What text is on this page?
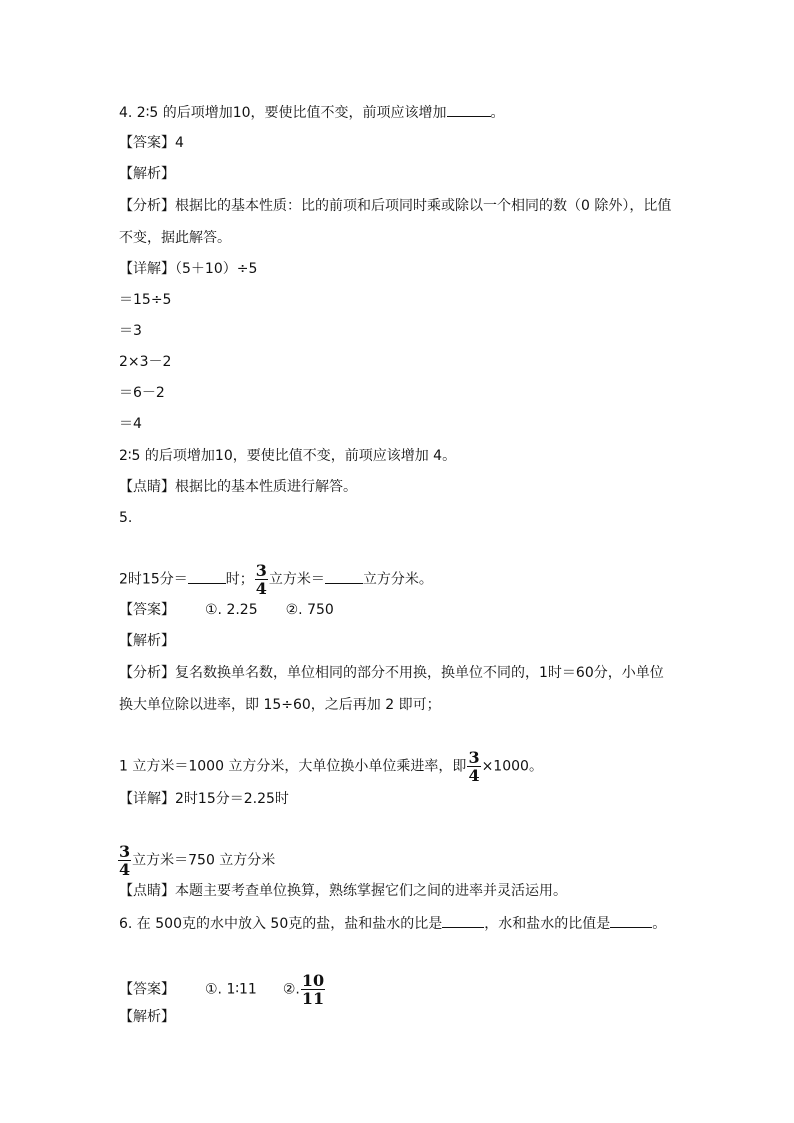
4. 2∶5 的后项增加10，要使比值不变，前项应该增加	。
【答案】4
【解析】
【分析】根据比的基本性质：比的前项和后项同时乘或除以一个相同的数（0 除外），比值
不变，据此解答。
【详解】（5＋10）÷5
＝15÷5
＝3
2×3－2
＝6－2
＝4
2∶5 的后项增加10，要使比值不变，前项应该增加 4。
【点睛】根据比的基本性质进行解答。
5.
2时15分＝	时； $\frac{3}{4}$ 立方米＝	立方分米。
【答案】 ①. 2.25 ②. 750
【解析】
【分析】复名数换单名数，单位相同的部分不用换，换单位不同的，1时＝60分，小单位
换大单位除以进率，即 15÷60，之后再加 2 即可；
1 立方米＝1000 立方分米，大单位换小单位乘进率，即 $\frac{3}{4} \times 1000$。
【详解】2时15分＝2.25时
$\frac{3}{4}$ 立方米＝750 立方分米
【点睛】本题主要考查单位换算，熟练掌握它们之间的进率并灵活运用。
6. 在 500克的水中放入 50克的盐，盐和盐水的比是	，水和盐水的比值是	。
【答案】 ①. 1∶11 ②. $\frac{10}{11}$
【解析】
